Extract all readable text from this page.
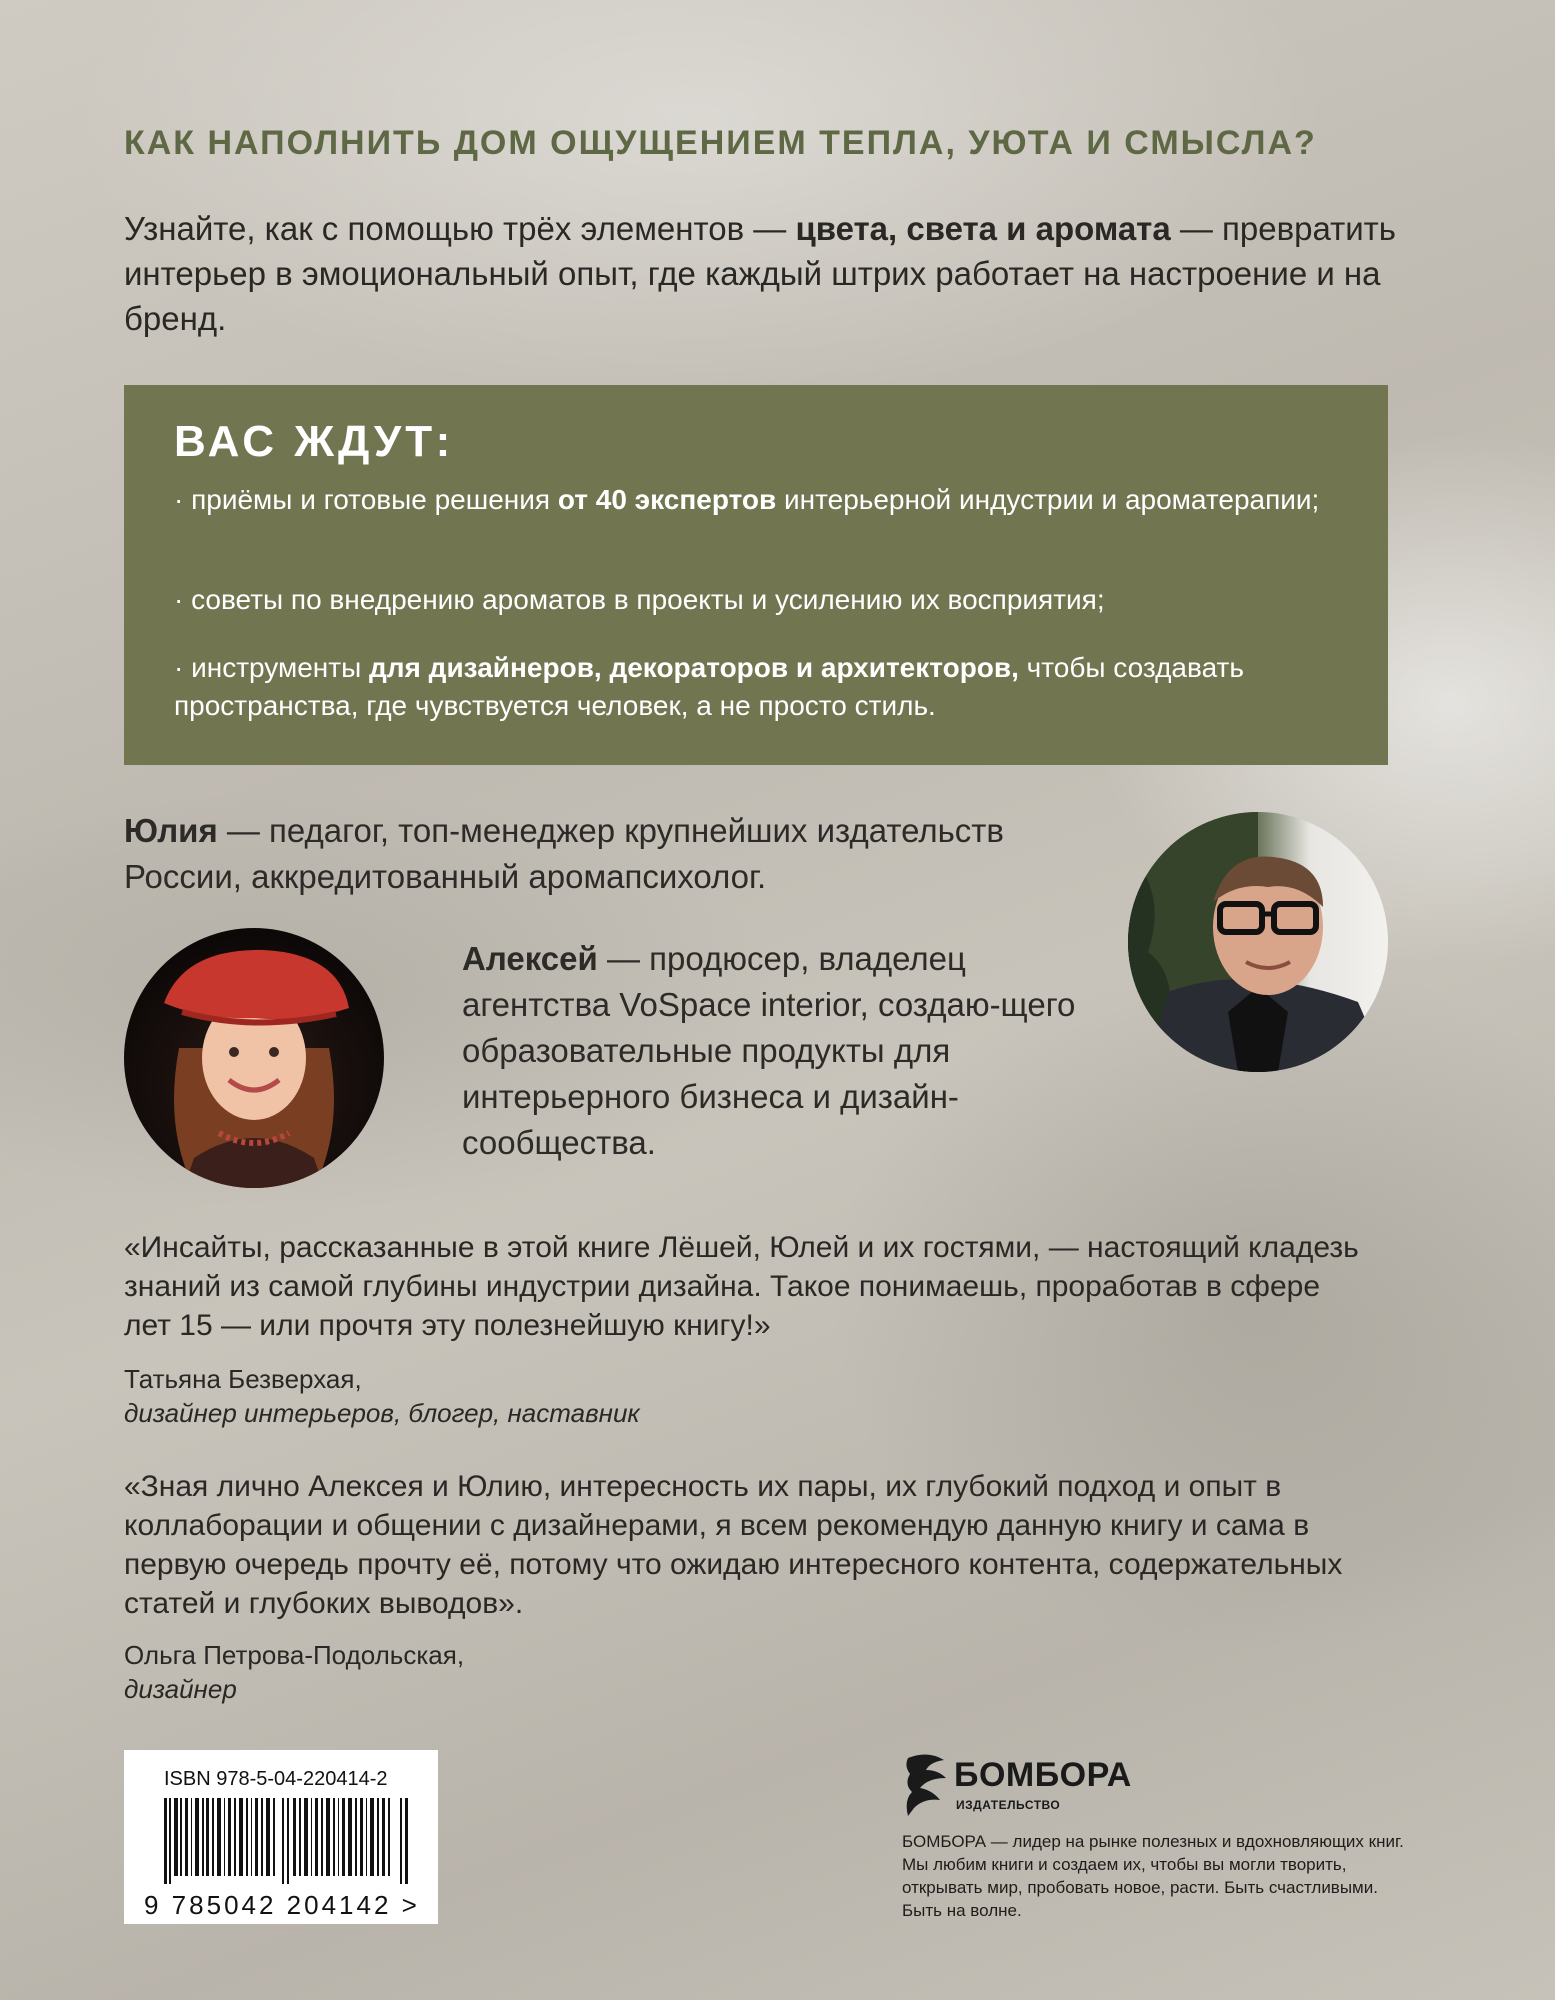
КАК НАПОЛНИТЬ ДОМ ОЩУЩЕНИЕМ ТЕПЛА, УЮТА И СМЫСЛА?
Узнайте, как с помощью трёх элементов — цвета, света и аромата — превратить интерьер в эмоциональный опыт, где каждый штрих работает на настроение и на бренд.
ВАС ЖДУТ:
· приёмы и готовые решения от 40 экспертов интерьерной индустрии и ароматерапии;
· советы по внедрению ароматов в проекты и усилению их восприятия;
· инструменты для дизайнеров, декораторов и архитекторов, чтобы создавать пространства, где чувствуется человек, а не просто стиль.
Юлия — педагог, топ-менеджер крупнейших издательств России, аккредитованный аромапсихолог.
Алексей — продюсер, владелец агентства VoSpace interior, создаю-щего образовательные продукты для интерьерного бизнеса и дизайн-сообщества.
«Инсайты, рассказанные в этой книге Лёшей, Юлей и их гостями, — настоящий кладезь знаний из самой глубины индустрии дизайна. Такое понимаешь, проработав в сфере лет 15 — или прочтя эту полезнейшую книгу!»
Татьяна Безверхая,
дизайнер интерьеров, блогер, наставник
«Зная лично Алексея и Юлию, интересность их пары, их глубокий подход и опыт в коллаборации и общении с дизайнерами, я всем рекомендую данную книгу и сама в первую очередь прочту её, потому что ожидаю интересного контента, содержательных статей и глубоких выводов».
Ольга Петрова-Подольская,
дизайнер
ISBN 978-5-04-220414-2
9 785042 204142 >
БОМБОРА
ИЗДАТЕЛЬСТВО
БОМБОРА — лидер на рынке полезных и вдохновляющих книг. Мы любим книги и создаем их, чтобы вы могли творить, открывать мир, пробовать новое, расти. Быть счастливыми. Быть на волне.
